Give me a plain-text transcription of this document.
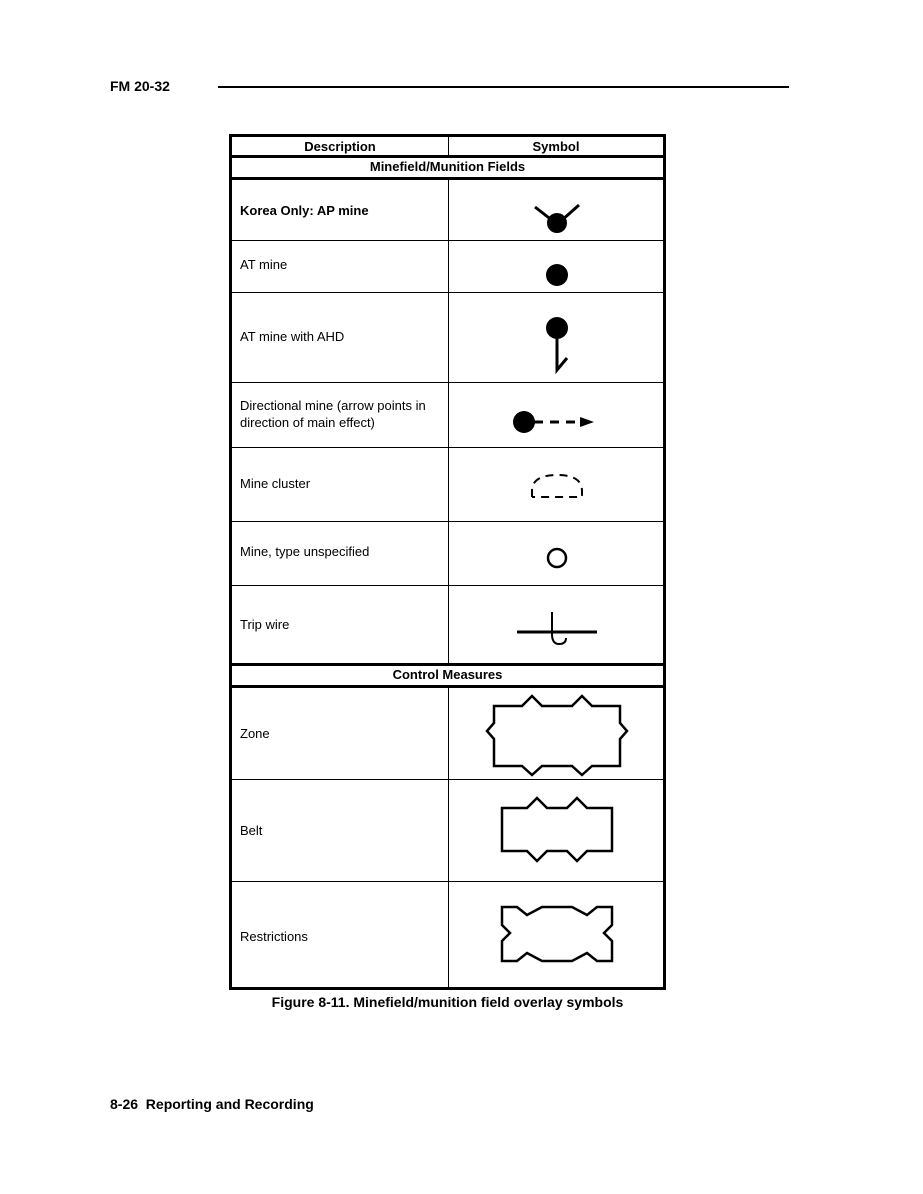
FM 20-32
Description	Symbol
Minefield/Munition Fields
Korea Only: AP mine
AT mine
AT mine with AHD
Directional mine (arrow points in direction of main effect)
Mine cluster
Mine, type unspecified
Trip wire
Control Measures
Zone
Belt
Restrictions
Figure 8-11. Minefield/munition field overlay symbols
8-26  Reporting and Recording
